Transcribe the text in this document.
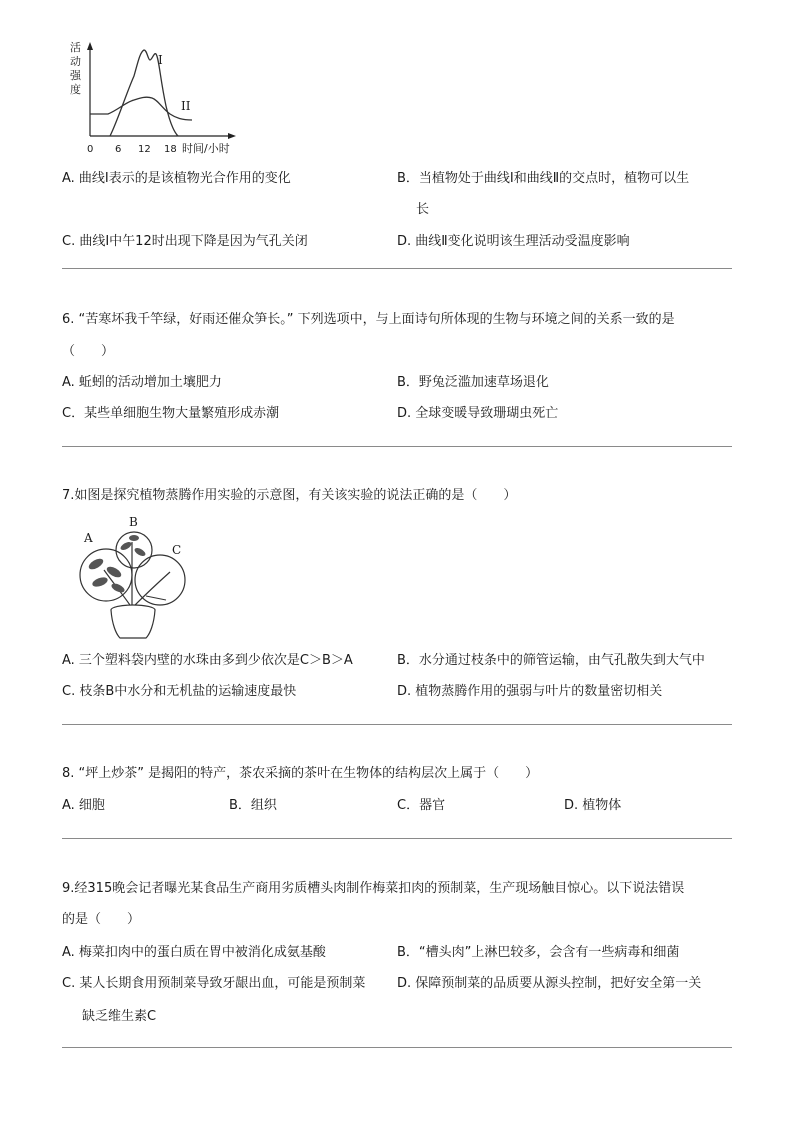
活
动
强
度
I
II
0 6 12 18 时间/小时
A. 曲线Ⅰ表示的是该植物光合作用的变化	B．当植物处于曲线Ⅰ和曲线Ⅱ的交点时，植物可以生
长
C. 曲线Ⅰ中午12时出现下降是因为气孔关闭	D. 曲线Ⅱ变化说明该生理活动受温度影响
6. “苦寒坏我千竿绿，好雨还催众笋长。” 下列选项中，与上面诗句所体现的生物与环境之间的关系一致的是
（　　）
A. 蚯蚓的活动增加土壤肥力	B．野兔泛滥加速草场退化
C．某些单细胞生物大量繁殖形成赤潮	D. 全球变暖导致珊瑚虫死亡
7.如图是探究植物蒸腾作用实验的示意图，有关该实验的说法正确的是（　　）
A
B
C
A. 三个塑料袋内壁的水珠由多到少依次是C＞B＞A	B．水分通过枝条中的筛管运输，由气孔散失到大气中
C. 枝条B中水分和无机盐的运输速度最快	D. 植物蒸腾作用的强弱与叶片的数量密切相关
8. “坪上炒茶” 是揭阳的特产，茶农采摘的茶叶在生物体的结构层次上属于（　　）
A. 细胞	B．组织	C．器官	D. 植物体
9.经315晚会记者曝光某食品生产商用劣质槽头肉制作梅菜扣肉的预制菜，生产现场触目惊心。以下说法错误
的是（　　）
A. 梅菜扣肉中的蛋白质在胃中被消化成氨基酸	B．“槽头肉”上淋巴较多，会含有一些病毒和细菌
C. 某人长期食用预制菜导致牙龈出血，可能是预制菜 D. 保障预制菜的品质要从源头控制，把好安全第一关
缺乏维生素C
